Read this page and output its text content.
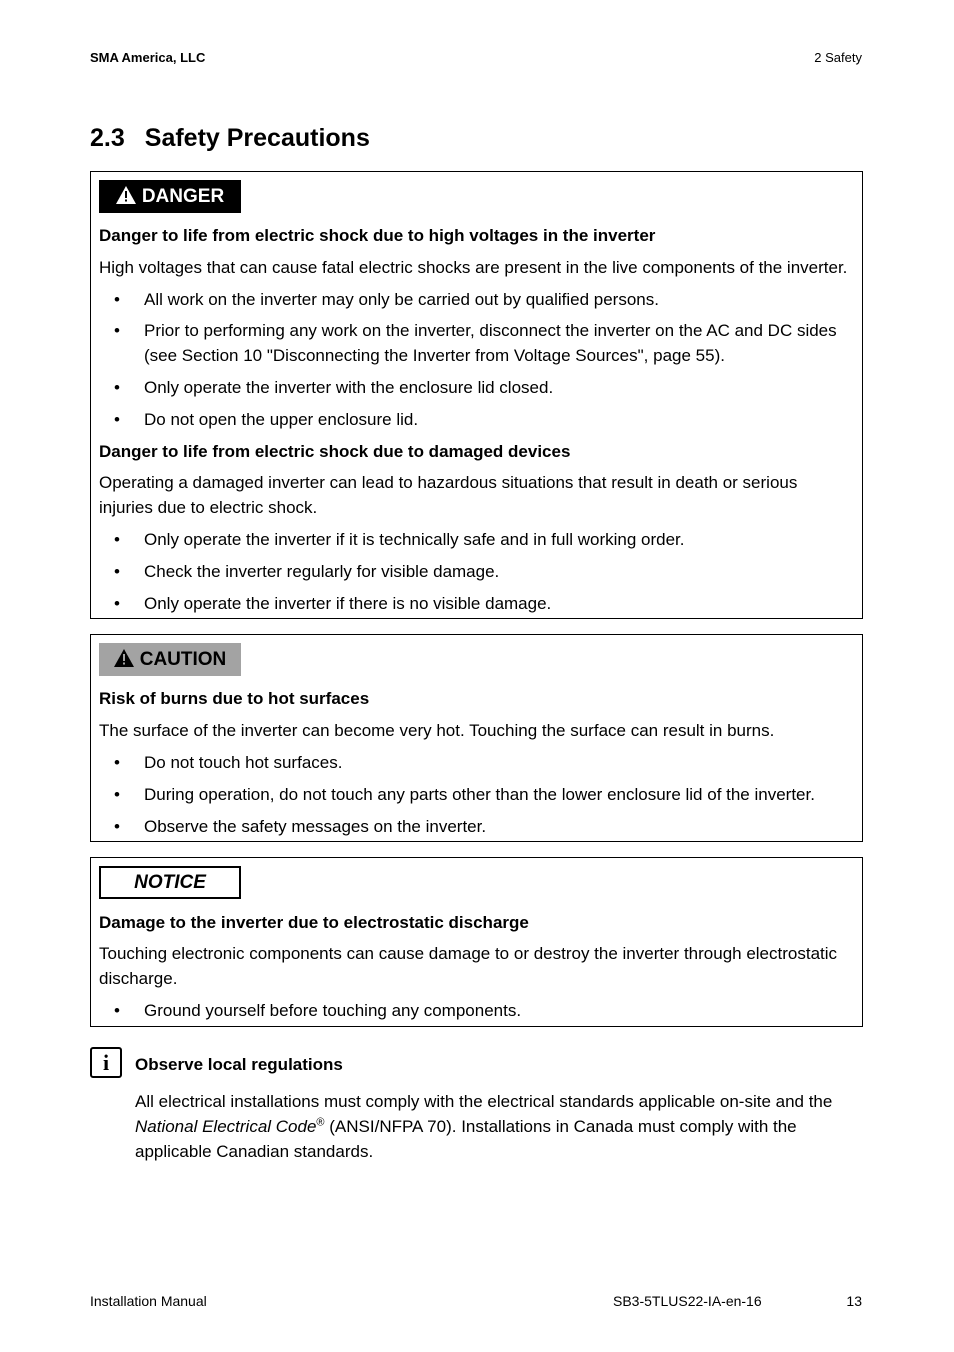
SMA America, LLC	2 Safety
2.3 Safety Precautions
DANGER
Danger to life from electric shock due to high voltages in the inverter
High voltages that can cause fatal electric shocks are present in the live components of the inverter.
• All work on the inverter may only be carried out by qualified persons.
• Prior to performing any work on the inverter, disconnect the inverter on the AC and DC sides (see Section 10 "Disconnecting the Inverter from Voltage Sources", page 55).
• Only operate the inverter with the enclosure lid closed.
• Do not open the upper enclosure lid.
Danger to life from electric shock due to damaged devices
Operating a damaged inverter can lead to hazardous situations that result in death or serious injuries due to electric shock.
• Only operate the inverter if it is technically safe and in full working order.
• Check the inverter regularly for visible damage.
• Only operate the inverter if there is no visible damage.
CAUTION
Risk of burns due to hot surfaces
The surface of the inverter can become very hot. Touching the surface can result in burns.
• Do not touch hot surfaces.
• During operation, do not touch any parts other than the lower enclosure lid of the inverter.
• Observe the safety messages on the inverter.
NOTICE
Damage to the inverter due to electrostatic discharge
Touching electronic components can cause damage to or destroy the inverter through electrostatic discharge.
• Ground yourself before touching any components.
i Observe local regulations
All electrical installations must comply with the electrical standards applicable on-site and the National Electrical Code® (ANSI/NFPA 70). Installations in Canada must comply with the applicable Canadian standards.
Installation Manual	SB3-5TLUS22-IA-en-16	13
